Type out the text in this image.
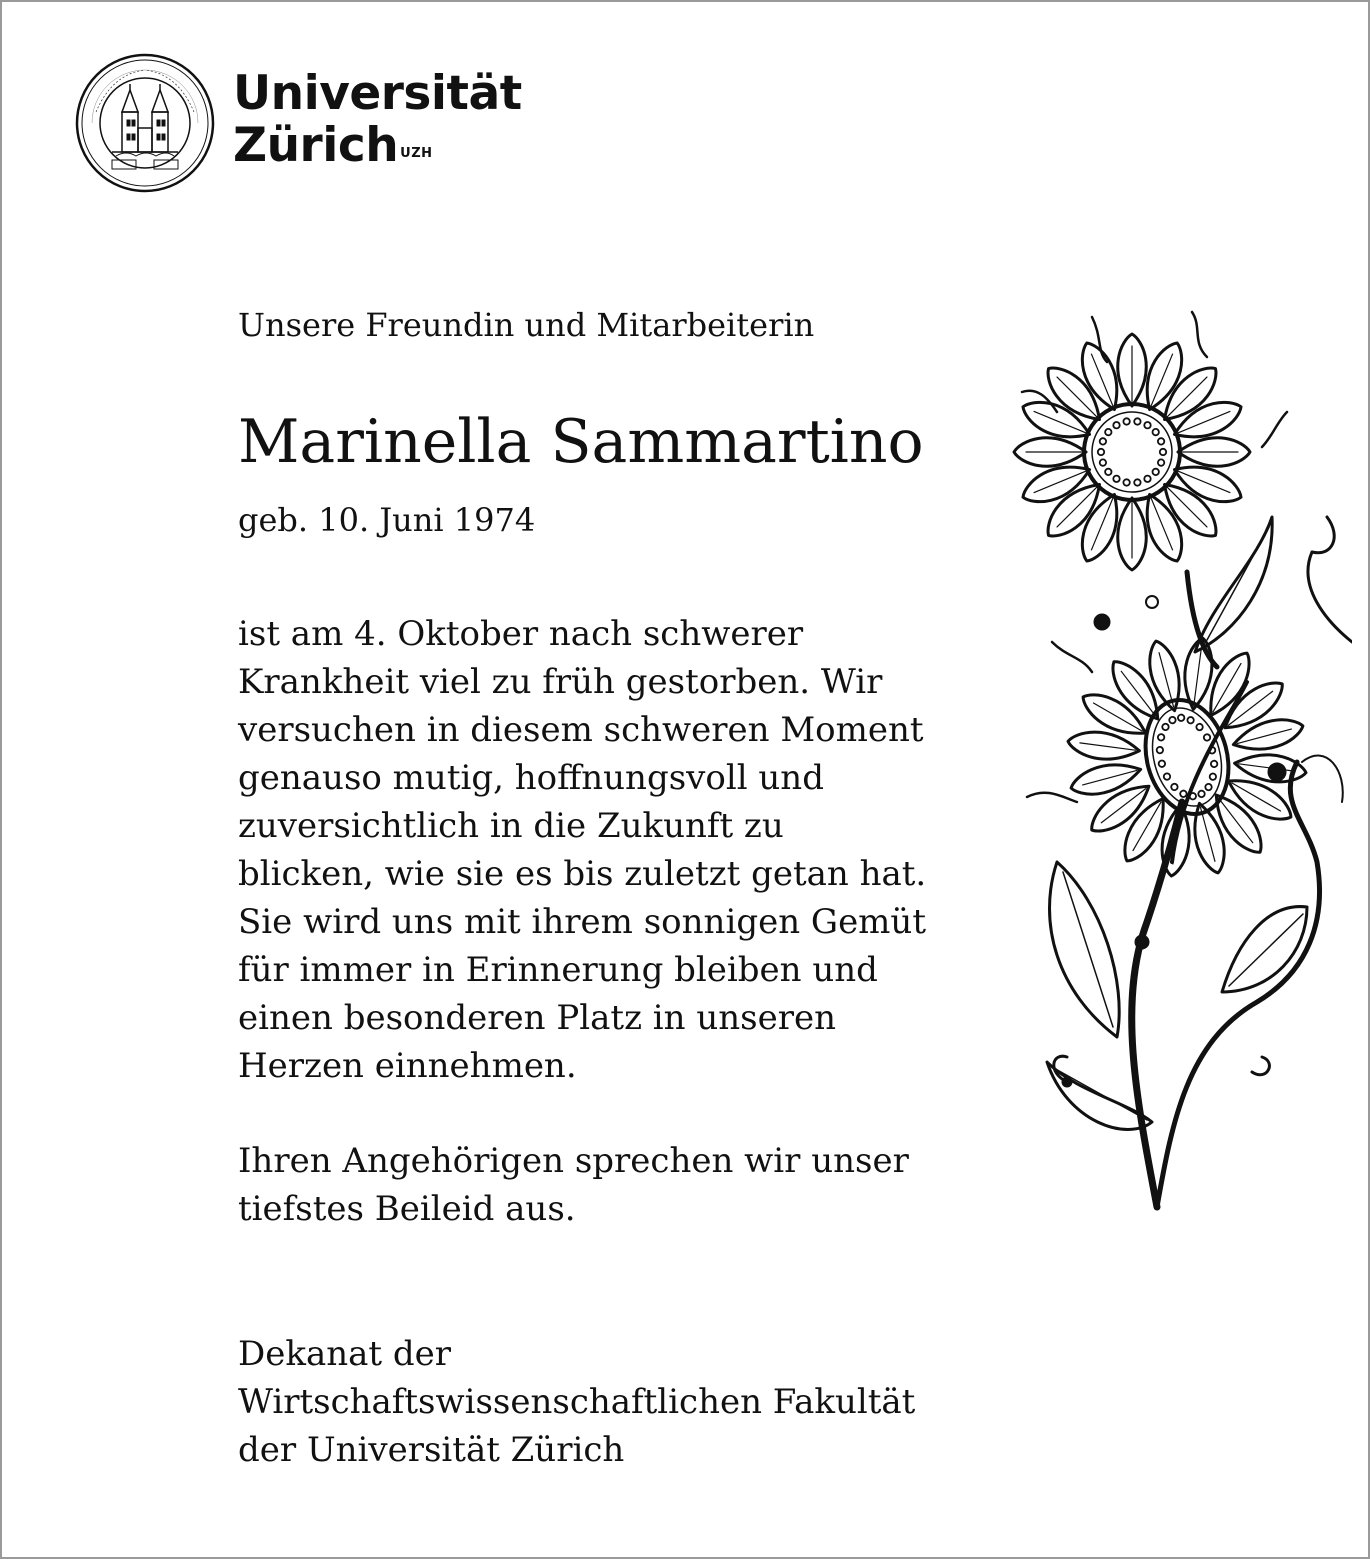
Universität
Zürich $^{UZH}$
Unsere Freundin und Mitarbeiterin
Marinella Sammartino
geb. 10. Juni 1974
ist am 4. Oktober nach schwerer
Krankheit viel zu früh gestorben. Wir
versuchen in diesem schweren Moment
genauso mutig, hoffnungsvoll und
zuversichtlich in die Zukunft zu
blicken, wie sie es bis zuletzt getan hat.
Sie wird uns mit ihrem sonnigen Gemüt
für immer in Erinnerung bleiben und
einen besonderen Platz in unseren
Herzen einnehmen.
Ihren Angehörigen sprechen wir unser
tiefstes Beileid aus.
Dekanat der
Wirtschaftswissenschaftlichen Fakultät
der Universität Zürich
